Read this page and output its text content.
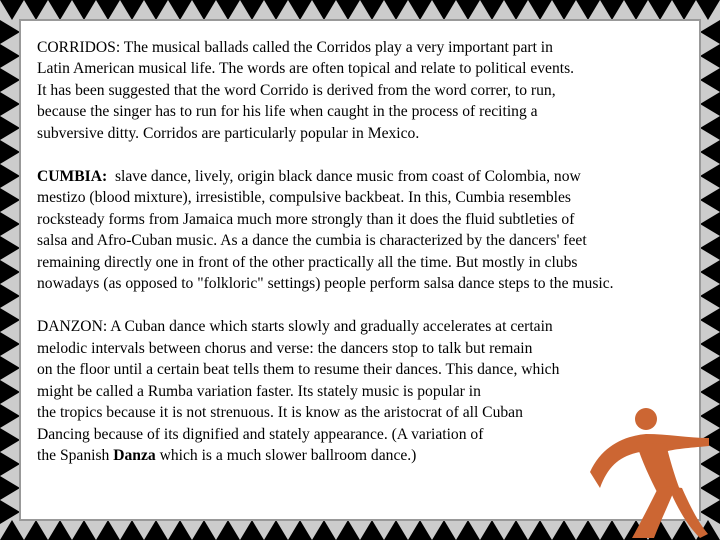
CORRIDOS: The musical ballads called the Corridos play a very important part in
Latin American musical life. The words are often topical and relate to political events.
It has been suggested that the word Corrido is derived from the word correr, to run,
because the singer has to run for his life when caught in the process of reciting a
subversive ditty. Corridos are particularly popular in Mexico.

CUMBIA:  slave dance, lively, origin black dance music from coast of Colombia, now
mestizo (blood mixture), irresistible, compulsive backbeat. In this, Cumbia resembles
rocksteady forms from Jamaica much more strongly than it does the fluid subtleties of
salsa and Afro-Cuban music. As a dance the cumbia is characterized by the dancers' feet
remaining directly one in front of the other practically all the time. But mostly in clubs
nowadays (as opposed to "folkloric" settings) people perform salsa dance steps to the music.

DANZON: A Cuban dance which starts slowly and gradually accelerates at certain
melodic intervals between chorus and verse: the dancers stop to talk but remain
on the floor until a certain beat tells them to resume their dances. This dance, which
might be called a Rumba variation faster. Its stately music is popular in
the tropics because it is not strenuous. It is know as the aristocrat of all Cuban
Dancing because of its dignified and stately appearance. (A variation of
the Spanish Danza which is a much slower ballroom dance.)
